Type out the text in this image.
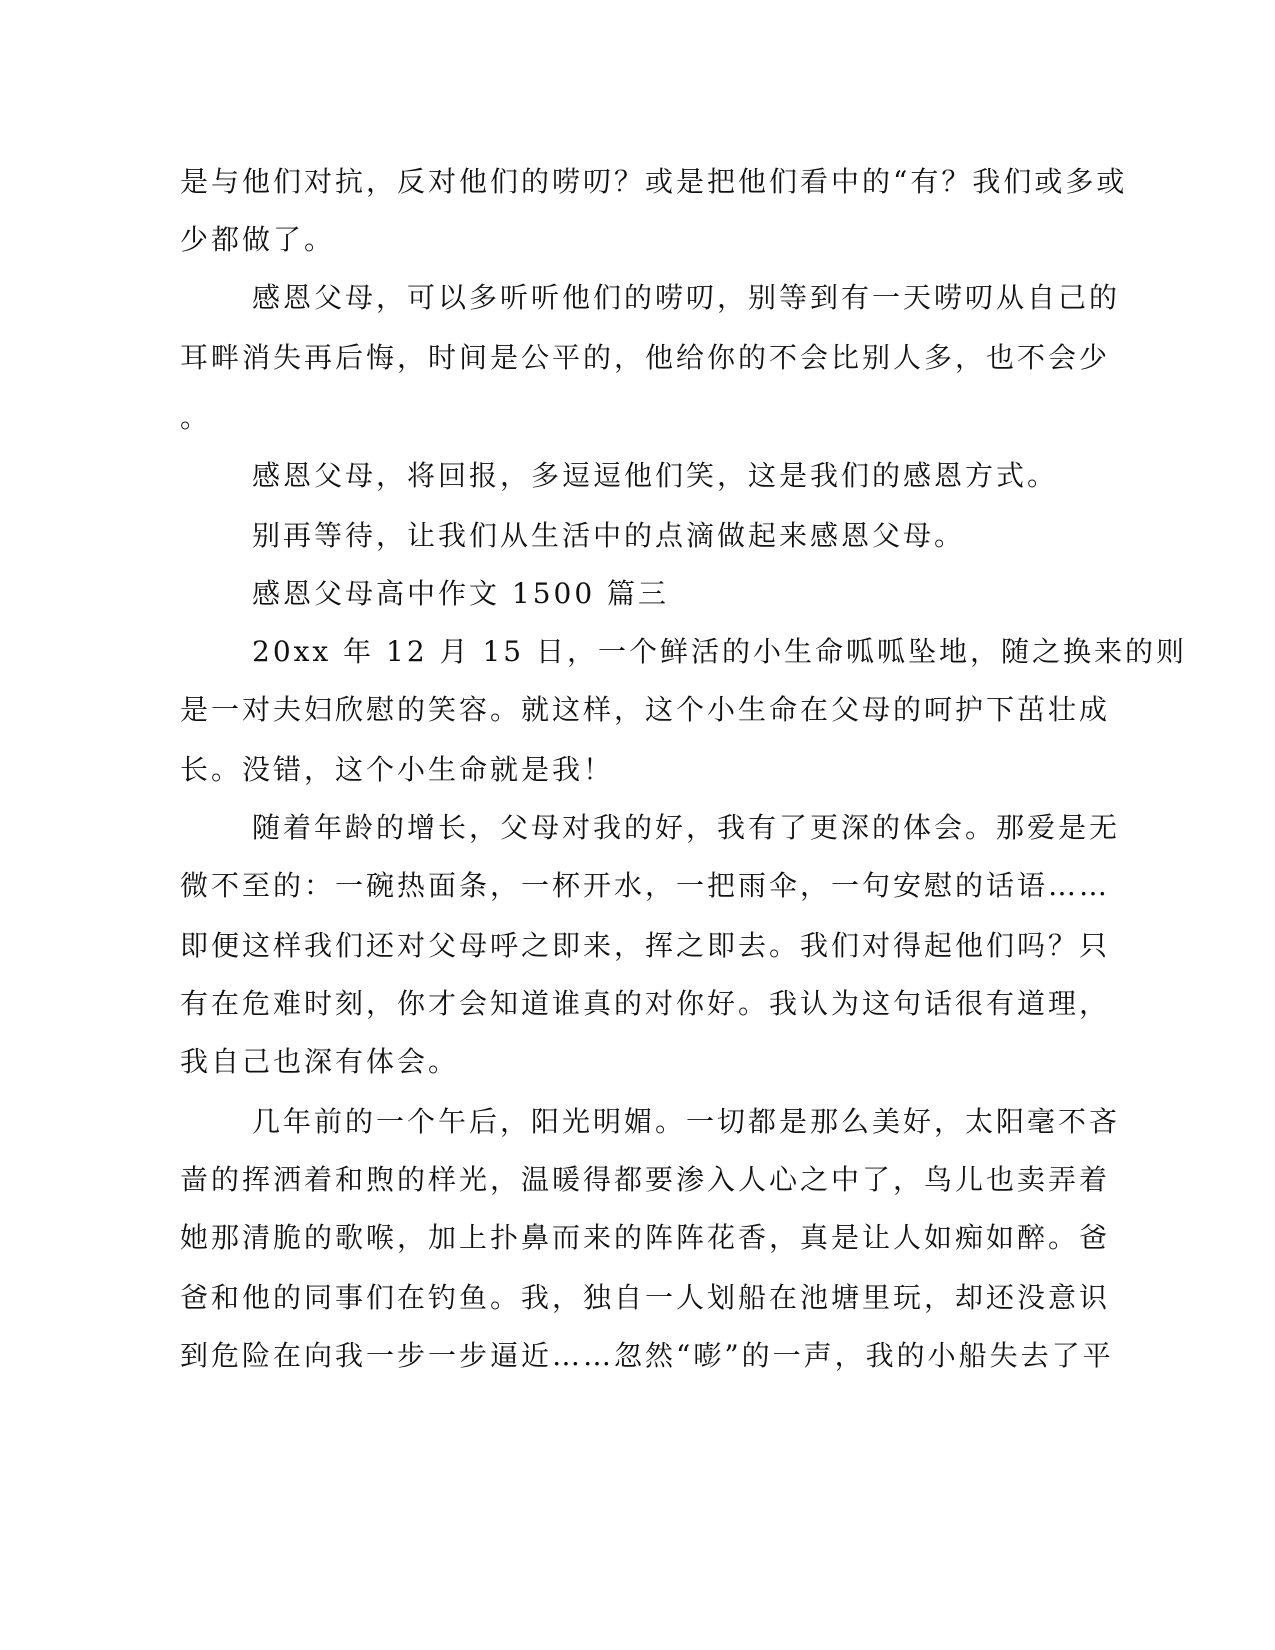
是与他们对抗，反对他们的唠叨？或是把他们看中的“有？我们或多或

少都做了。

感恩父母，可以多听听他们的唠叨，别等到有一天唠叨从自己的

耳畔消失再后悔，时间是公平的，他给你的不会比别人多，也不会少

。

感恩父母，将回报，多逗逗他们笑，这是我们的感恩方式。

别再等待，让我们从生活中的点滴做起来感恩父母。

感恩父母高中作文 1500 篇三

20xx 年 12 月 15 日，一个鲜活的小生命呱呱坠地，随之换来的则

是一对夫妇欣慰的笑容。就这样，这个小生命在父母的呵护下茁壮成

长。没错，这个小生命就是我！

随着年龄的增长，父母对我的好，我有了更深的体会。那爱是无

微不至的：一碗热面条，一杯开水，一把雨伞，一句安慰的话语……

即便这样我们还对父母呼之即来，挥之即去。我们对得起他们吗？只

有在危难时刻，你才会知道谁真的对你好。我认为这句话很有道理，

我自己也深有体会。

几年前的一个午后，阳光明媚。一切都是那么美好，太阳毫不吝

啬的挥洒着和煦的样光，温暖得都要渗入人心之中了，鸟儿也卖弄着

她那清脆的歌喉，加上扑鼻而来的阵阵花香，真是让人如痴如醉。爸

爸和他的同事们在钓鱼。我，独自一人划船在池塘里玩，却还没意识

到危险在向我一步一步逼近……忽然“嘭”的一声，我的小船失去了平
